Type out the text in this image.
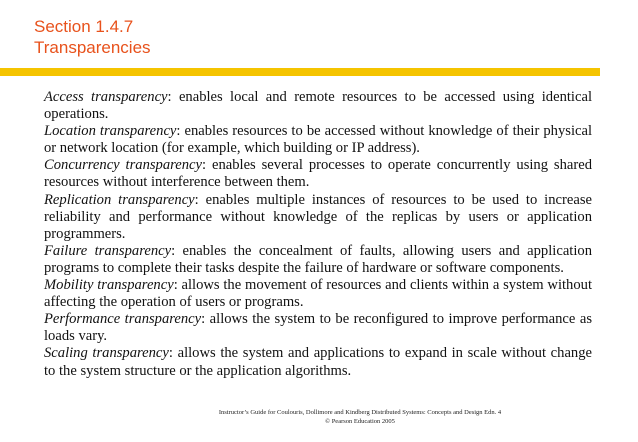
Section 1.4.7
Transparencies

Access transparency: enables local and remote resources to be accessed using identical operations.

Location transparency: enables resources to be accessed without knowledge of their physical or network location (for example, which building or IP address).

Concurrency transparency: enables several processes to operate concurrently using shared resources without interference between them.

Replication transparency: enables multiple instances of resources to be used to increase reliability and performance without knowledge of the replicas by users or application programmers.

Failure transparency: enables the concealment of faults, allowing users and application programs to complete their tasks despite the failure of hardware or software components.

Mobility transparency: allows the movement of resources and clients within a system without affecting the operation of users or programs.

Performance transparency: allows the system to be reconfigured to improve performance as loads vary.

Scaling transparency: allows the system and applications to expand in scale without change to the system structure or the application algorithms.

Instructor’s Guide for Coulouris, Dollimore and Kindberg Distributed Systems: Concepts and Design Edn. 4
© Pearson Education 2005
